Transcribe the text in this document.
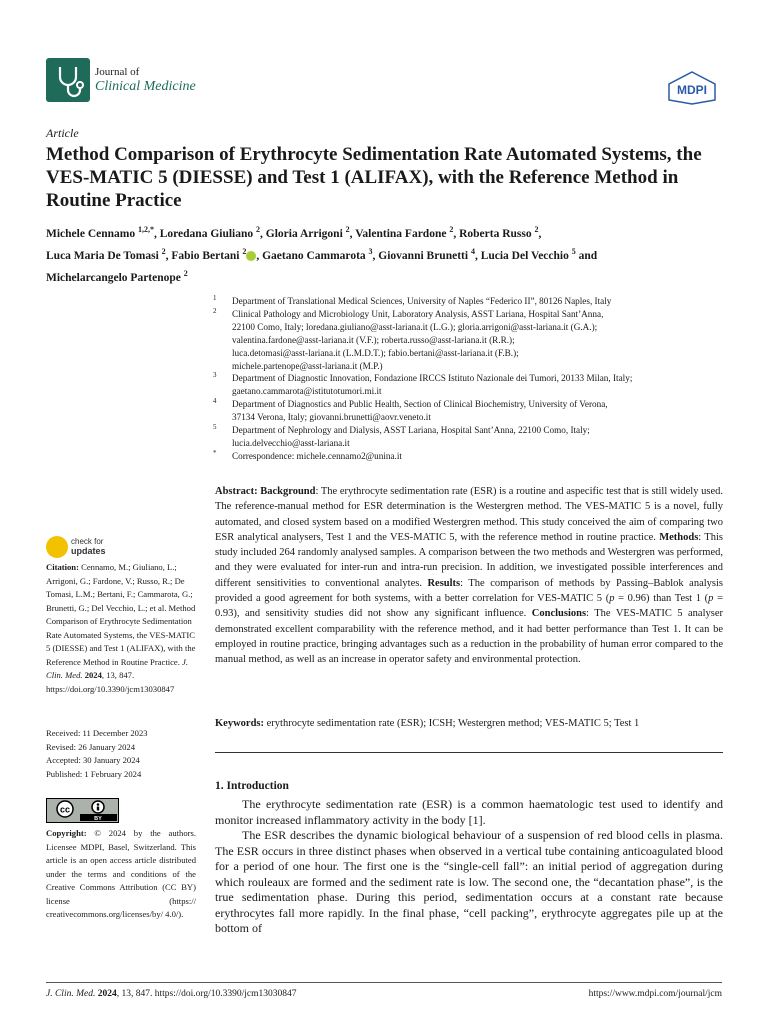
Journal of
Clinical Medicine	MDPI
Article
Method Comparison of Erythrocyte Sedimentation Rate Automated Systems, the VES-MATIC 5 (DIESSE) and Test 1 (ALIFAX), with the Reference Method in Routine Practice
Michele Cennamo $^{1,2,*}$, Loredana Giuliano $^2$, Gloria Arrigoni $^2$, Valentina Fardone $^2$, Roberta Russo $^2$,
Luca Maria De Tomasi $^2$, Fabio Bertani $^2$ , Gaetano Cammarota $^3$, Giovanni Brunetti $^4$, Lucia Del Vecchio $^5$ and
Michelarcangelo Partenope $^2$
1 Department of Translational Medical Sciences, University of Naples “Federico II”, 80126 Naples, Italy
2 Clinical Pathology and Microbiology Unit, Laboratory Analysis, ASST Lariana, Hospital Sant’Anna,
22100 Como, Italy; loredana.giuliano@asst-lariana.it (L.G.); gloria.arrigoni@asst-lariana.it (G.A.);
valentina.fardone@asst-lariana.it (V.F.); roberta.russo@asst-lariana.it (R.R.);
luca.detomasi@asst-lariana.it (L.M.D.T.); fabio.bertani@asst-lariana.it (F.B.);
michele.partenope@asst-lariana.it (M.P.)
3 Department of Diagnostic Innovation, Fondazione IRCCS Istituto Nazionale dei Tumori, 20133 Milan, Italy;
gaetano.cammarota@istitutotumori.mi.it
4 Department of Diagnostics and Public Health, Section of Clinical Biochemistry, University of Verona,
37134 Verona, Italy; giovanni.brunetti@aovr.veneto.it
5 Department of Nephrology and Dialysis, ASST Lariana, Hospital Sant’Anna, 22100 Como, Italy;
lucia.delvecchio@asst-lariana.it
* Correspondence: michele.cennamo2@unina.it
check for
updates
Citation: Cennamo, M.; Giuliano, L.; Arrigoni, G.; Fardone, V.; Russo, R.; De Tomasi, L.M.; Bertani, F.; Cammarota, G.; Brunetti, G.; Del Vecchio, L.; et al. Method Comparison of Erythrocyte Sedimentation Rate Automated Systems, the VES-MATIC 5 (DIESSE) and Test 1 (ALIFAX), with the Reference Method in Routine Practice. J. Clin. Med. 2024, 13, 847. https://doi.org/10.3390/jcm13030847
Received: 11 December 2023
Revised: 26 January 2024
Accepted: 30 January 2024
Published: 1 February 2024
cc
BY
Copyright: © 2024 by the authors. Licensee MDPI, Basel, Switzerland. This article is an open access article distributed under the terms and conditions of the Creative Commons Attribution (CC BY) license (https:// creativecommons.org/licenses/by/ 4.0/).
Abstract: Background: The erythrocyte sedimentation rate (ESR) is a routine and aspecific test that is still widely used. The reference-manual method for ESR determination is the Westergren method. The VES-MATIC 5 is a novel, fully automated, and closed system based on a modified Westergren method. This study conceived the aim of comparing two ESR analytical analysers, Test 1 and the VES-MATIC 5, with the reference method in routine practice. Methods: This study included 264 randomly analysed samples. A comparison between the two methods and Westergren was performed, and they were evaluated for inter-run and intra-run precision. In addition, we investigated possible interferences and different sensitivities to conventional analytes. Results: The comparison of methods by Passing–Bablok analysis provided a good agreement for both systems, with a better correlation for VES-MATIC 5 (p = 0.96) than Test 1 (p = 0.93), and sensitivity studies did not show any significant influence. Conclusions: The VES-MATIC 5 analyser demonstrated excellent comparability with the reference method, and it had better performance than Test 1. It can be employed in routine practice, bringing advantages such as a reduction in the probability of human error compared to the manual method, as well as an increase in operator safety and environmental protection.
Keywords: erythrocyte sedimentation rate (ESR); ICSH; Westergren method; VES-MATIC 5; Test 1
1. Introduction

The erythrocyte sedimentation rate (ESR) is a common haematologic test used to identify and monitor increased inflammatory activity in the body [1].

The ESR describes the dynamic biological behaviour of a suspension of red blood cells in plasma. The ESR occurs in three distinct phases when observed in a vertical tube containing anticoagulated blood for a period of one hour. The first one is the “single-cell fall”: an initial period of aggregation during which rouleaux are formed and the sediment rate is low. The second one, the “decantation phase”, is the true sedimentation phase. During this period, sedimentation occurs at a constant rate because erythrocytes fall more rapidly. In the final phase, “cell packing”, erythrocyte aggregates pile up at the bottom of

J. Clin. Med. 2024, 13, 847. https://doi.org/10.3390/jcm13030847	https://www.mdpi.com/journal/jcm
